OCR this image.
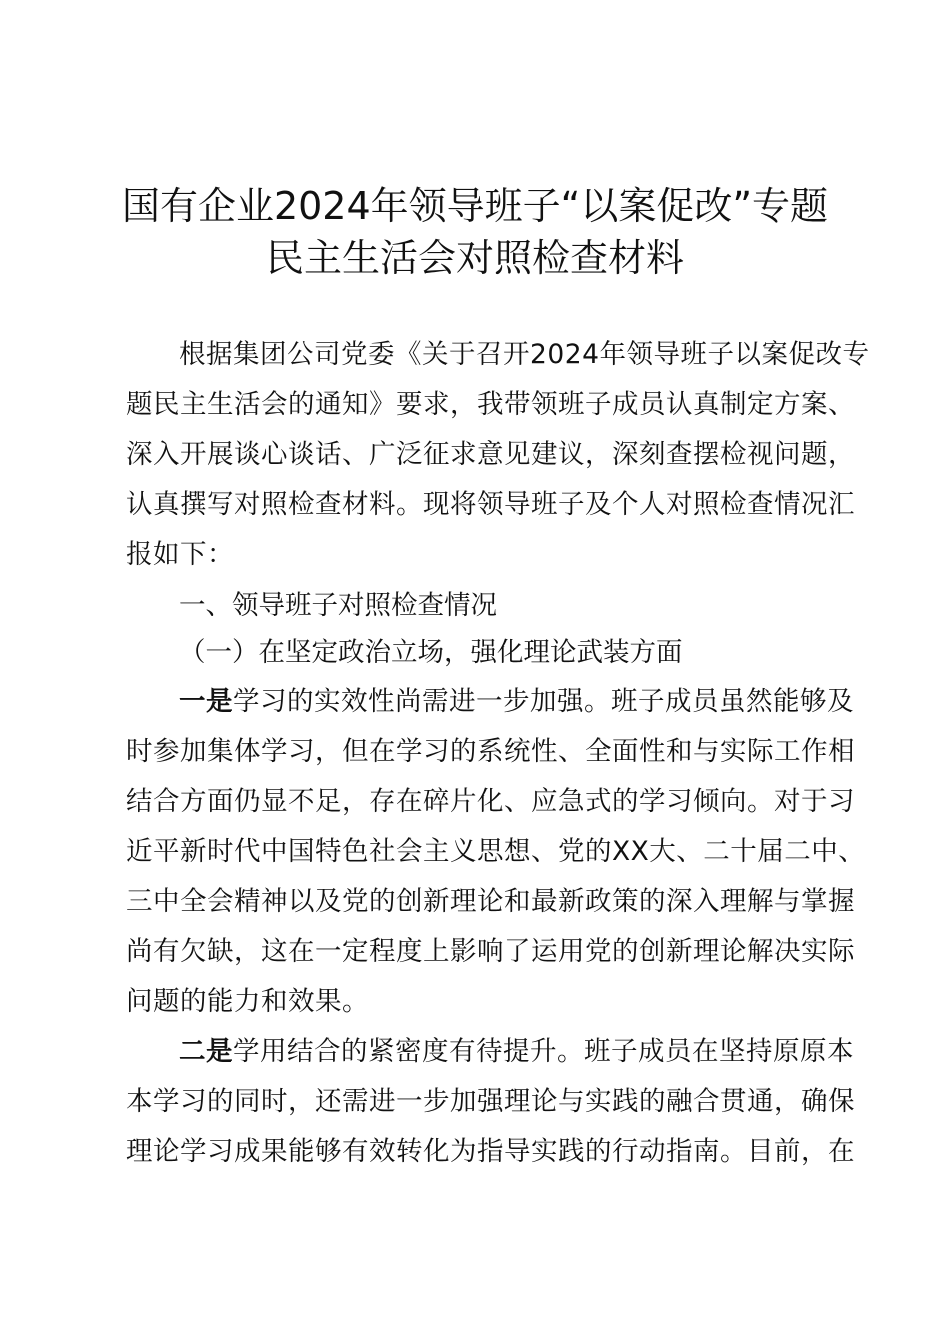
国有企业2024年领导班子“以案促改”专题
民主生活会对照检查材料
根据集团公司党委《关于召开2024年领导班子以案促改专
题民主生活会的通知》要求，我带领班子成员认真制定方案、
深入开展谈心谈话、广泛征求意见建议，深刻查摆检视问题，
认真撰写对照检查材料。现将领导班子及个人对照检查情况汇
报如下：
一、领导班子对照检查情况
（一）在坚定政治立场，强化理论武装方面
一是学习的实效性尚需进一步加强。班子成员虽然能够及
时参加集体学习，但在学习的系统性、全面性和与实际工作相
结合方面仍显不足，存在碎片化、应急式的学习倾向。对于习
近平新时代中国特色社会主义思想、党的XX大、二十届二中、
三中全会精神以及党的创新理论和最新政策的深入理解与掌握
尚有欠缺，这在一定程度上影响了运用党的创新理论解决实际
问题的能力和效果。
二是学用结合的紧密度有待提升。班子成员在坚持原原本
本学习的同时，还需进一步加强理论与实践的融合贯通，确保
理论学习成果能够有效转化为指导实践的行动指南。目前，在
